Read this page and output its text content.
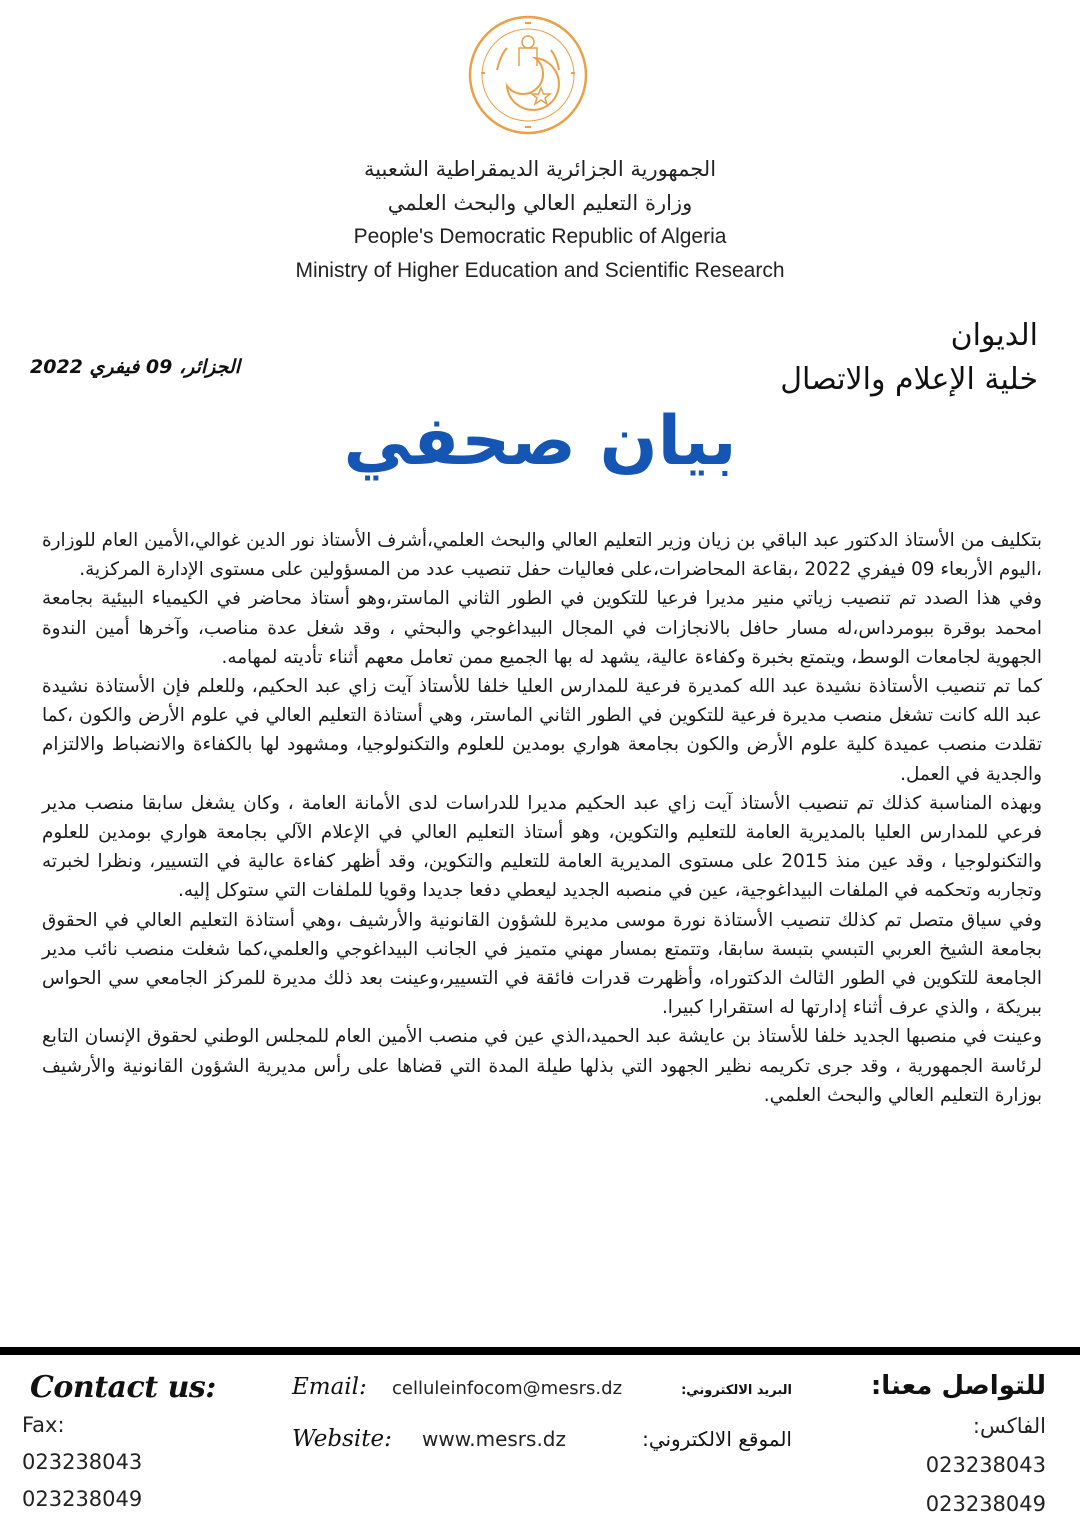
الجمهورية الجزائرية الديمقراطية الشعبية
وزارة التعليم العالي والبحث العلمي
People's Democratic Republic of Algeria
Ministry of Higher Education and Scientific Research
الديوان
خلية الإعلام والاتصال
الجزائر، 09 فيفري 2022
بيان صحفي

بتكليف من الأستاذ الدكتور عبد الباقي بن زيان وزير التعليم العالي والبحث العلمي،أشرف الأستاذ نور الدين غوالي،الأمين العام للوزارة ،اليوم الأربعاء 09 فيفري 2022 ،بقاعة المحاضرات،على فعاليات حفل تنصيب عدد من المسؤولين على مستوى الإدارة المركزية.

وفي هذا الصدد تم تنصيب زياتي منير مديرا فرعيا للتكوين في الطور الثاني الماستر،وهو أستاذ محاضر في الكيمياء البيئية بجامعة امحمد بوقرة ببومرداس،له مسار حافل بالانجازات في المجال البيداغوجي والبحثي ، وقد شغل عدة مناصب، وآخرها أمين الندوة الجهوية لجامعات الوسط، ويتمتع بخبرة وكفاءة عالية، يشهد له بها الجميع ممن تعامل معهم أثناء تأديته لمهامه.

كما تم تنصيب الأستاذة نشيدة عبد الله كمديرة فرعية للمدارس العليا خلفا للأستاذ آيت زاي عبد الحكيم، وللعلم فإن الأستاذة نشيدة عبد الله كانت تشغل منصب مديرة فرعية للتكوين في الطور الثاني الماستر، وهي أستاذة التعليم العالي في علوم الأرض والكون ،كما تقلدت منصب عميدة كلية علوم الأرض والكون بجامعة هواري بومدين للعلوم والتكنولوجيا، ومشهود لها بالكفاءة والانضباط والالتزام والجدية في العمل.

وبهذه المناسبة كذلك تم تنصيب الأستاذ آيت زاي عبد الحكيم مديرا للدراسات لدى الأمانة العامة ، وكان يشغل سابقا منصب مدير فرعي للمدارس العليا بالمديرية العامة للتعليم والتكوين، وهو أستاذ التعليم العالي في الإعلام الآلي بجامعة هواري بومدين للعلوم والتكنولوجيا ، وقد عين منذ 2015 على مستوى المديرية العامة للتعليم والتكوين، وقد أظهر كفاءة عالية في التسيير، ونظرا لخبرته وتجاربه وتحكمه في الملفات البيداغوجية، عين في منصبه الجديد ليعطي دفعا جديدا وقويا للملفات التي ستوكل إليه.

وفي سياق متصل تم كذلك تنصيب الأستاذة نورة موسى مديرة للشؤون القانونية والأرشيف ،وهي أستاذة التعليم العالي في الحقوق بجامعة الشيخ العربي التبسي بتبسة سابقا، وتتمتع بمسار مهني متميز في الجانب البيداغوجي والعلمي،كما شغلت منصب نائب مدير الجامعة للتكوين في الطور الثالث الدكتوراه، وأظهرت قدرات فائقة في التسيير،وعينت بعد ذلك مديرة للمركز الجامعي سي الحواس ببريكة ، والذي عرف أثناء إدارتها له استقرارا كبيرا.

وعينت في منصبها الجديد خلفا للأستاذ بن عايشة عبد الحميد،الذي عين في منصب الأمين العام للمجلس الوطني لحقوق الإنسان التابع لرئاسة الجمهورية ، وقد جرى تكريمه نظير الجهود التي بذلها طيلة المدة التي قضاها على رأس مديرية الشؤون القانونية والأرشيف بوزارة التعليم العالي والبحث العلمي.

Contact us:
Fax:
023238043
023238049
Email:	celluleinfocom@mesrs.dz	البريد الالكتروني:
Website: www.mesrs.dz	الموقع الالكتروني:
للتواصل معنا:
الفاكس:
023238043
023238049
